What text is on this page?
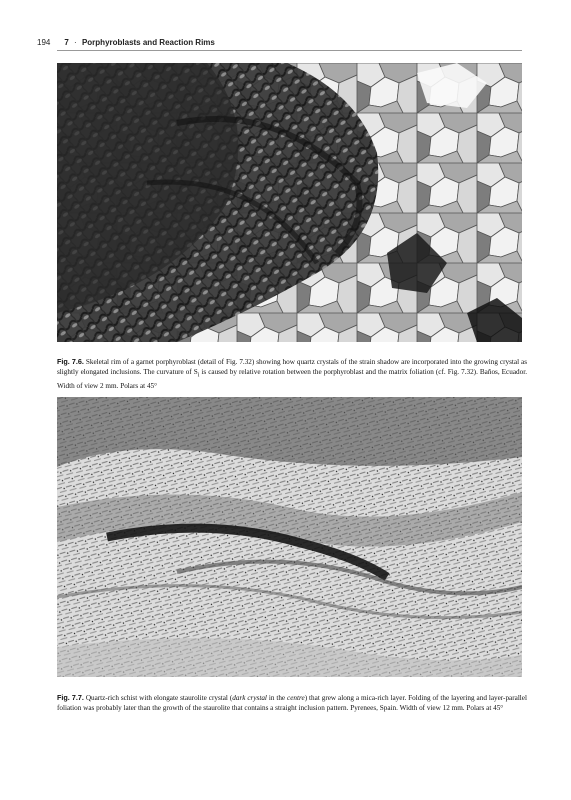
194 7 · Porphyroblasts and Reaction Rims

Fig. 7.6. Skeletal rim of a garnet porphyroblast (detail of Fig. 7.32) showing how quartz crystals of the strain shadow are incorporated into the growing crystal as slightly elongated inclusions. The curvature of $S_i$ is caused by relative rotation between the porphyroblast and the matrix foliation (cf. Fig. 7.32). Baños, Ecuador. Width of view 2 mm. Polars at 45°

Fig. 7.7. Quartz-rich schist with elongate staurolite crystal (dark crystal in the centre) that grew along a mica-rich layer. Folding of the layering and layer-parallel foliation was probably later than the growth of the staurolite that contains a straight inclusion pattern. Pyrenees, Spain. Width of view 12 mm. Polars at 45°
